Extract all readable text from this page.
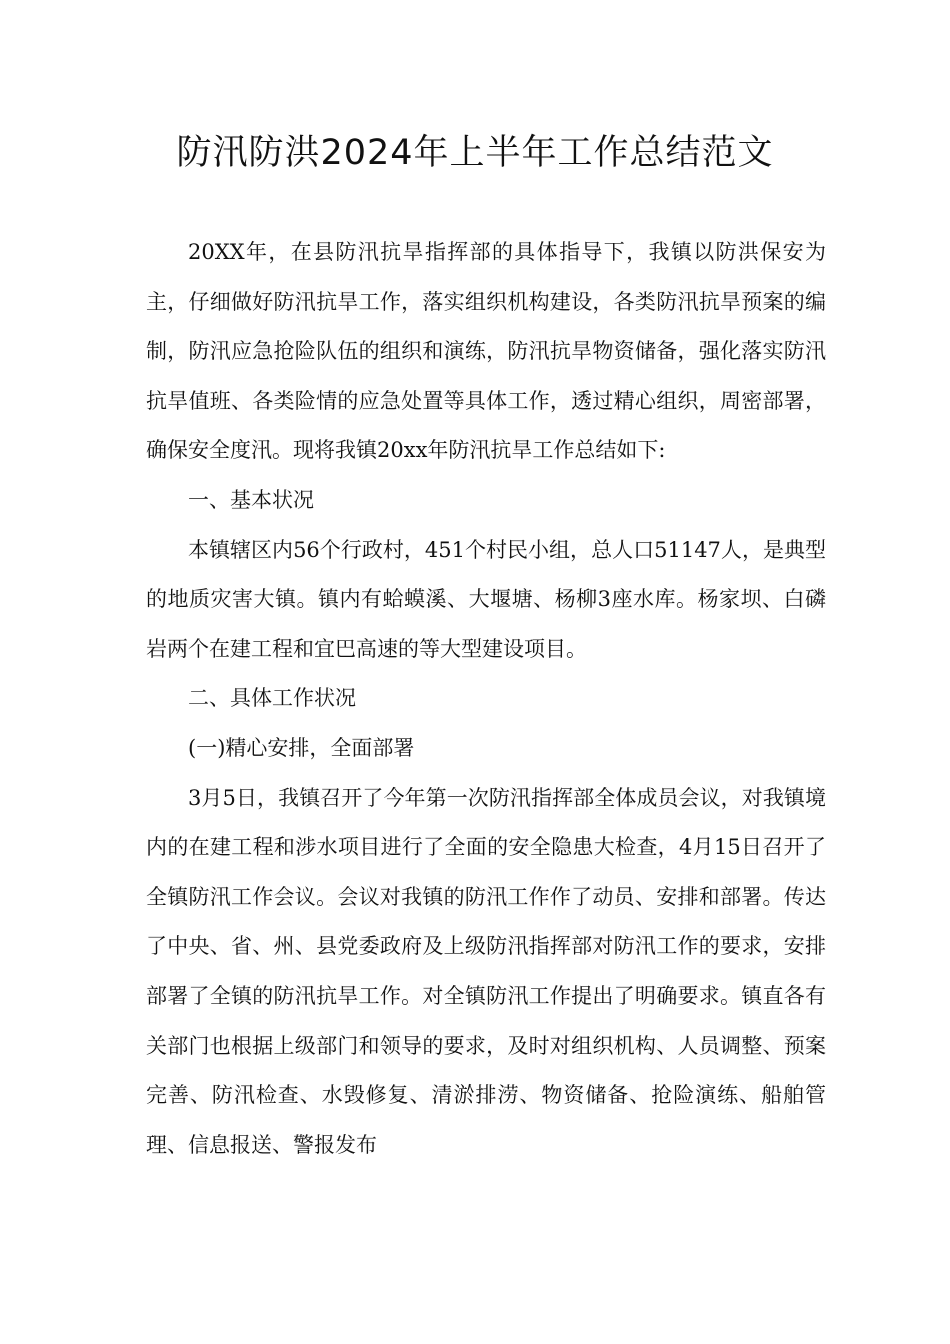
防汛防洪2024年上半年工作总结范文

20XX年，在县防汛抗旱指挥部的具体指导下，我镇以防洪保安为主，仔细做好防汛抗旱工作，落实组织机构建设，各类防汛抗旱预案的编制，防汛应急抢险队伍的组织和演练，防汛抗旱物资储备，强化落实防汛抗旱值班、各类险情的应急处置等具体工作，透过精心组织，周密部署，确保安全度汛。现将我镇20xx年防汛抗旱工作总结如下:

一、基本状况

本镇辖区内56个行政村，451个村民小组，总人口51147人，是典型的地质灾害大镇。镇内有蛤蟆溪、大堰塘、杨柳3座水库。杨家坝、白磷岩两个在建工程和宜巴高速的等大型建设项目。

二、具体工作状况

(一)精心安排，全面部署

3月5日，我镇召开了今年第一次防汛指挥部全体成员会议，对我镇境内的在建工程和涉水项目进行了全面的安全隐患大检查，4月15日召开了全镇防汛工作会议。会议对我镇的防汛工作作了动员、安排和部署。传达了中央、省、州、县党委政府及上级防汛指挥部对防汛工作的要求，安排部署了全镇的防汛抗旱工作。对全镇防汛工作提出了明确要求。镇直各有关部门也根据上级部门和领导的要求，及时对组织机构、人员调整、预案完善、防汛检查、水毁修复、清淤排涝、物资储备、抢险演练、船舶管理、信息报送、警报发布
